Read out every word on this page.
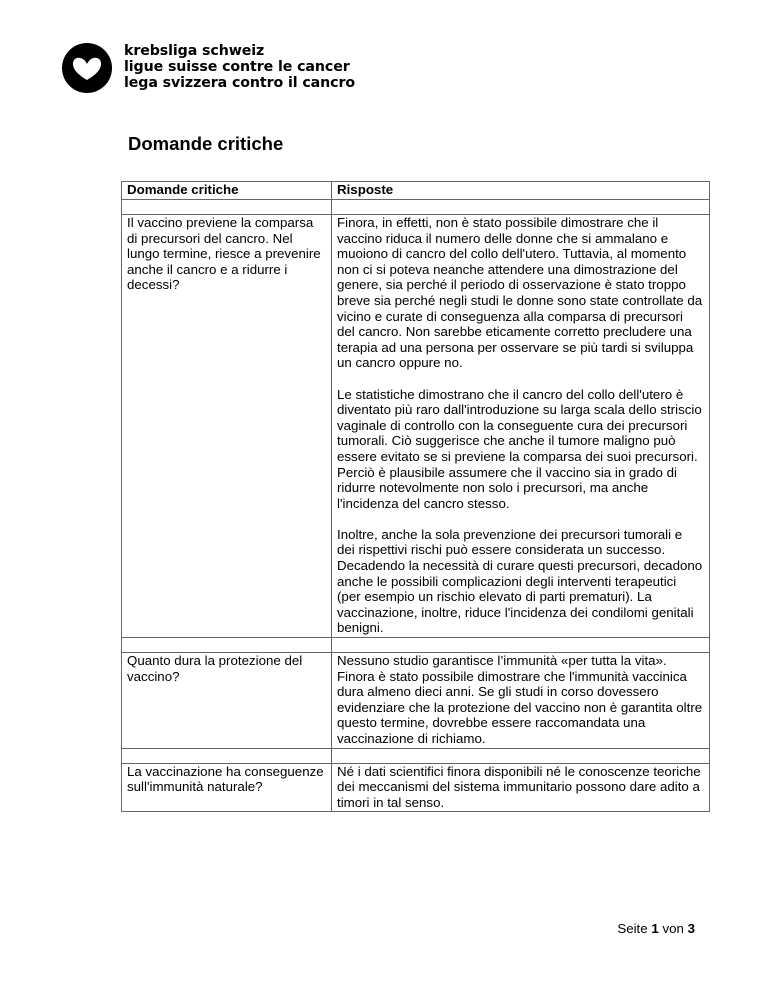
krebsliga schweiz
ligue suisse contre le cancer
lega svizzera contro il cancro
Domande critiche
Domande critiche	Risposte

Il vaccino previene la comparsa di precursori del cancro. Nel lungo termine, riesce a prevenire anche il cancro e a ridurre i decessi?	Finora, in effetti, non è stato possibile dimostrare che il vaccino riduca il numero delle donne che si ammalano e muoiono di cancro del collo dell'utero. Tuttavia, al momento non ci si poteva neanche attendere una dimostrazione del genere, sia perché il periodo di osservazione è stato troppo breve sia perché negli studi le donne sono state controllate da vicino e curate di conseguenza alla comparsa di precursori del cancro. Non sarebbe eticamente corretto precludere una terapia ad una persona per osservare se più tardi si sviluppa un cancro oppure no.

Le statistiche dimostrano che il cancro del collo dell'utero è diventato più raro dall'introduzione su larga scala dello striscio vaginale di controllo con la conseguente cura dei precursori tumorali. Ciò suggerisce che anche il tumore maligno può essere evitato se si previene la comparsa dei suoi precursori. Perciò è plausibile assumere che il vaccino sia in grado di ridurre notevolmente non solo i precursori, ma anche l'incidenza del cancro stesso.

Inoltre, anche la sola prevenzione dei precursori tumorali e dei rispettivi rischi può essere considerata un successo. Decadendo la necessità di curare questi precursori, decadono anche le possibili complicazioni degli interventi terapeutici (per esempio un rischio elevato di parti prematuri). La vaccinazione, inoltre, riduce l'incidenza dei condilomi genitali benigni.

Quanto dura la protezione del vaccino?	Nessuno studio garantisce l’immunità «per tutta la vita». Finora è stato possibile dimostrare che l'immunità vaccinica dura almeno dieci anni. Se gli studi in corso dovessero evidenziare che la protezione del vaccino non è garantita oltre questo termine, dovrebbe essere raccomandata una vaccinazione di richiamo.

La vaccinazione ha conseguenze sull'immunità naturale?	Né i dati scientifici finora disponibili né le conoscenze teoriche dei meccanismi del sistema immunitario possono dare adito a timori in tal senso.

Seite 1 von 3
